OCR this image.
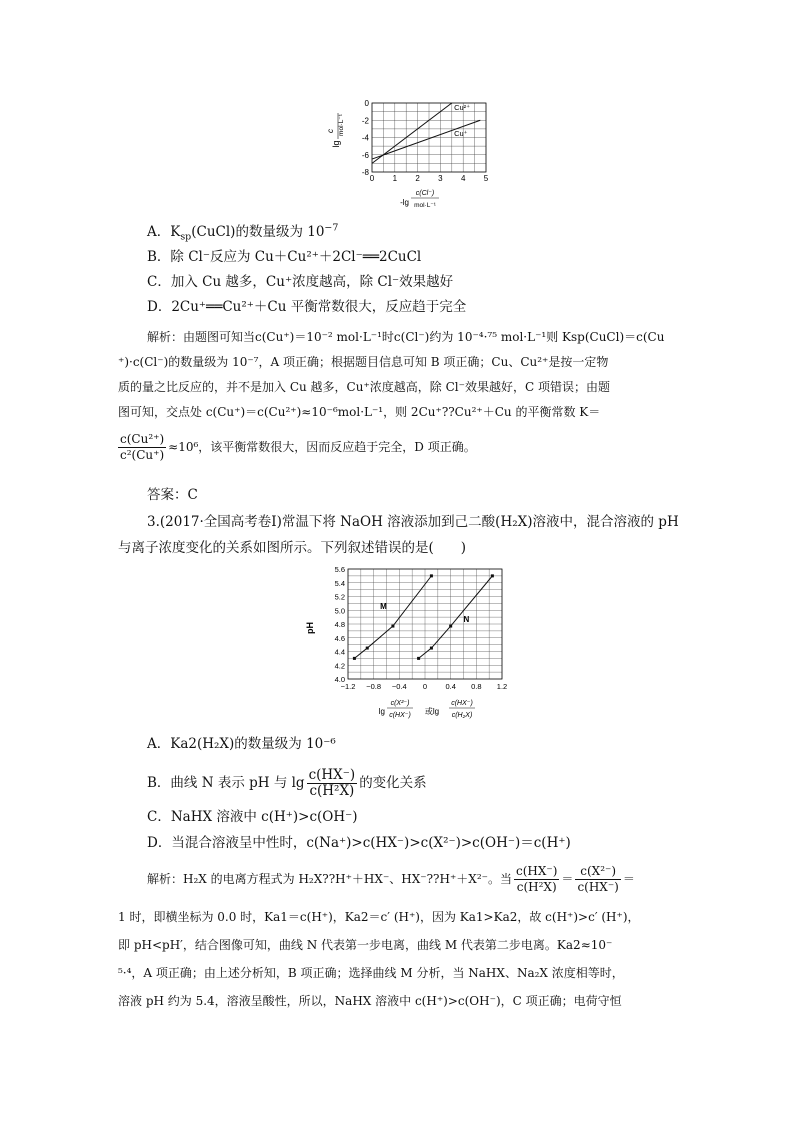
Cu²⁺
Cu⁺
0 1 2 3 4 5
0
-2
-4
-6
-8
lg
c mol·L⁻¹
-lg
c(Cl⁻)
mol·L⁻¹
A．$K_{sp}(CuCl)$的数量级为 $10^{-7}$
B．除 Cl⁻反应为 Cu＋Cu²⁺＋2Cl⁻══2CuCl
C．加入 Cu 越多，Cu⁺浓度越高，除 Cl⁻效果越好
D．2Cu⁺══Cu²⁺＋Cu 平衡常数很大，反应趋于完全
解析：由题图可知当c(Cu⁺)＝10⁻² mol·L⁻¹时c(Cl⁻)约为 10⁻⁴·⁷⁵ mol·L⁻¹则 Ksp(CuCl)＝c(Cu
⁺)·c(Cl⁻)的数量级为 10⁻⁷，A 项正确；根据题目信息可知 B 项正确；Cu、Cu²⁺是按一定物
质的量之比反应的，并不是加入 Cu 越多，Cu⁺浓度越高，除 Cl⁻效果越好，C 项错误；由题
图可知，交点处 c(Cu⁺)＝c(Cu²⁺)≈10⁻⁶mol·L⁻¹，则 2Cu⁺??Cu²⁺＋Cu 的平衡常数 K＝
$\frac{\text{c(Cu²⁺)}}{\text{c²(Cu⁺)}} \approx 10^6$，该平衡常数很大，因而反应趋于完全，D 项正确。
答案：C
3.(2017·全国高考卷Ⅰ)常温下将 NaOH 溶液添加到己二酸(H₂X)溶液中，混合溶液的 pH
与离子浓度变化的关系如图所示。下列叙述错误的是(　　)
M
N
−1.2 −0.8 −0.4 0 0.4 0.8 1.2
4.0
4.2
4.4
4.6
4.8
5.0
5.2
5.4
5.6
pH
lg
c(X²⁻)
c(HX⁻) 或lg
c(HX⁻)
c(H₂X)
A．Ka2(H₂X)的数量级为 10⁻⁶
B．曲线 N 表示 pH 与 $\lg \frac{c(HX^-)}{\text{c(H²X)}}$ 的变化关系
C．NaHX 溶液中 c(H⁺)>c(OH⁻)
D．当混合溶液呈中性时，c(Na⁺)>c(HX⁻)>c(X²⁻)>c(OH⁻)＝c(H⁺)
解析：H₂X 的电离方程式为 H₂X??H⁺＋HX⁻、HX⁻??H⁺＋X²⁻。当 $\frac{c(HX^-)}{\text{c(H²X)}} = \frac{\text{c(X²⁻)}}{c(HX^-)}$ ＝
1 时，即横坐标为 0.0 时，Ka1＝c(H⁺)，Ka2＝c′ (H⁺)，因为 Ka1>Ka2，故 c(H⁺)>c′ (H⁺)，
即 pH<pH′，结合图像可知，曲线 N 代表第一步电离，曲线 M 代表第二步电离。Ka2≈10⁻
⁵·⁴，A 项正确；由上述分析知，B 项正确；选择曲线 M 分析，当 NaHX、Na₂X 浓度相等时，
溶液 pH 约为 5.4，溶液呈酸性，所以，NaHX 溶液中 c(H⁺)>c(OH⁻)，C 项正确；电荷守恒
